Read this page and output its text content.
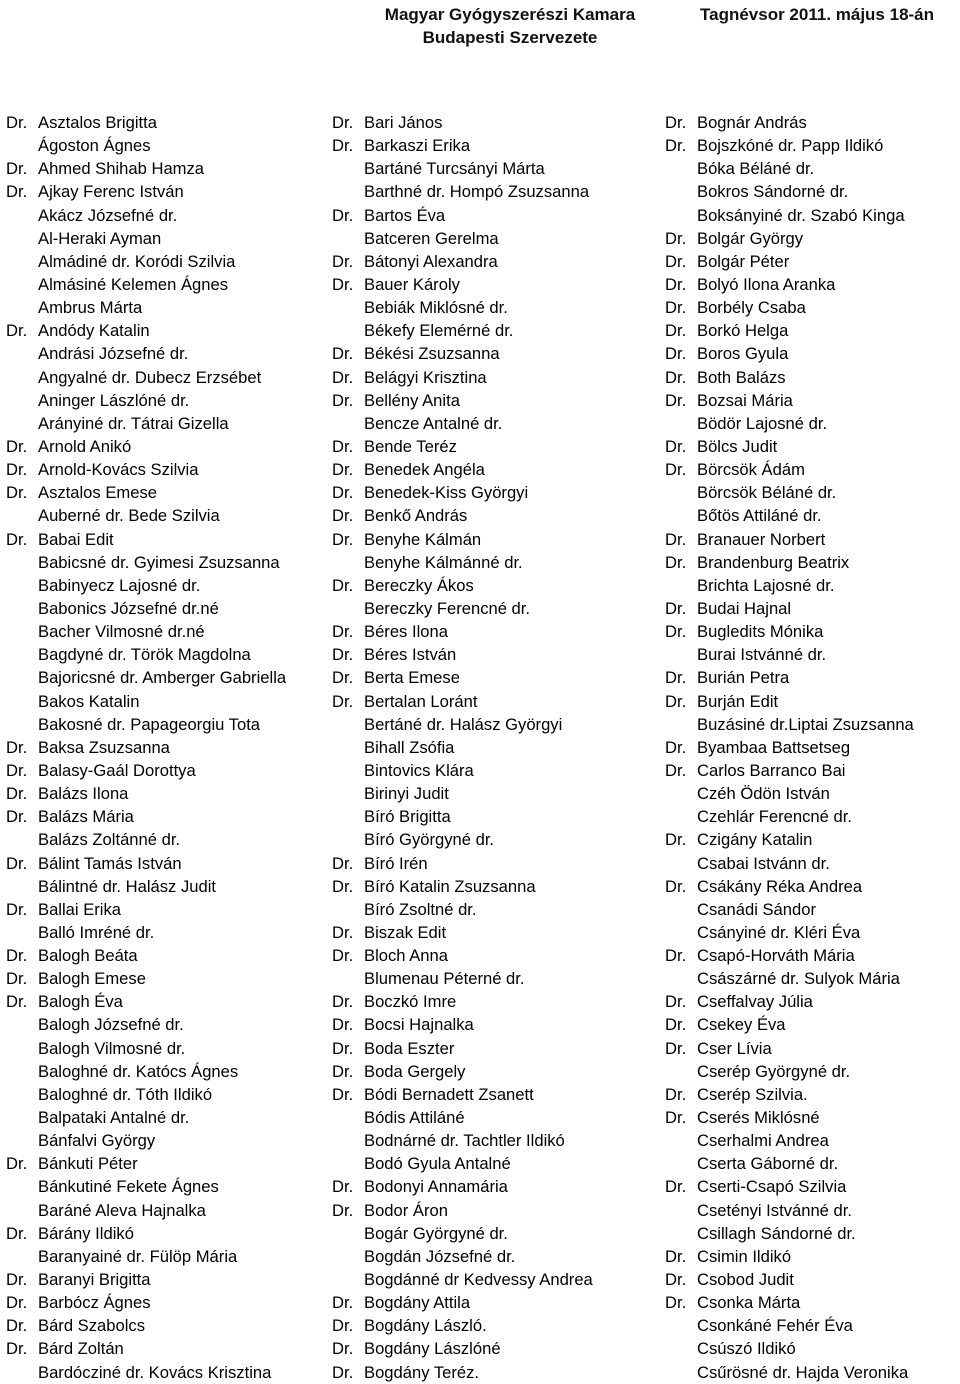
Magyar Gyógyszerészi Kamara
Budapesti Szervezete
Tagnévsor 2011. május 18-án
Dr. Asztalos Brigitta
Ágoston Ágnes
Dr. Ahmed Shihab Hamza
Dr. Ajkay Ferenc István
Akácz Józsefné dr.
Al-Heraki Ayman
Almádiné dr. Koródi Szilvia
Almásiné Kelemen Ágnes
Ambrus Márta
Dr. Andódy Katalin
Andrási Józsefné dr.
Angyalné dr. Dubecz Erzsébet
Aninger Lászlóné dr.
Arányiné dr. Tátrai Gizella
Dr. Arnold Anikó
Dr. Arnold-Kovács Szilvia
Dr. Asztalos Emese
Auberné dr. Bede Szilvia
Dr. Babai Edit
Babicsné dr. Gyimesi Zsuzsanna
Babinyecz Lajosné dr.
Babonics Józsefné dr.né
Bacher Vilmosné dr.né
Bagdyné dr. Török Magdolna
Bajoricsné dr. Amberger Gabriella
Bakos Katalin
Bakosné dr. Papageorgiu Tota
Dr. Baksa Zsuzsanna
Dr. Balasy-Gaál Dorottya
Dr. Balázs Ilona
Dr. Balázs Mária
Balázs Zoltánné dr.
Dr. Bálint Tamás István
Bálintné dr. Halász Judit
Dr. Ballai Erika
Balló Imréné dr.
Dr. Balogh Beáta
Dr. Balogh Emese
Dr. Balogh Éva
Balogh Józsefné dr.
Balogh Vilmosné dr.
Baloghné dr. Katócs Ágnes
Baloghné dr. Tóth Ildikó
Balpataki Antalné dr.
Bánfalvi György
Dr. Bánkuti Péter
Bánkutiné Fekete Ágnes
Baráné Aleva Hajnalka
Dr. Bárány Ildikó
Baranyainé dr. Fülöp Mária
Dr. Baranyi Brigitta
Dr. Barbócz Ágnes
Dr. Bárd Szabolcs
Dr. Bárd Zoltán
Bardócziné dr. Kovács Krisztina
Dr. Bari János
Dr. Barkaszi Erika
Bartáné Turcsányi Márta
Barthné dr. Hompó Zsuzsanna
Dr. Bartos Éva
Batceren Gerelma
Dr. Bátonyi Alexandra
Dr. Bauer Károly
Bebiák Miklósné dr.
Békefy Elemérné dr.
Dr. Békési Zsuzsanna
Dr. Belágyi Krisztina
Dr. Bellény Anita
Bencze Antalné dr.
Dr. Bende Teréz
Dr. Benedek Angéla
Dr. Benedek-Kiss Györgyi
Dr. Benkő András
Dr. Benyhe Kálmán
Benyhe Kálmánné dr.
Dr. Bereczky Ákos
Bereczky Ferencné dr.
Dr. Béres Ilona
Dr. Béres István
Dr. Berta Emese
Dr. Bertalan Loránt
Bertáné dr. Halász Györgyi
Bihall Zsófia
Bintovics Klára
Birinyi Judit
Bíró Brigitta
Bíró Györgyné dr.
Dr. Bíró Irén
Dr. Bíró Katalin Zsuzsanna
Bíró Zsoltné dr.
Dr. Biszak Edit
Dr. Bloch Anna
Blumenau Péterné dr.
Dr. Boczkó Imre
Dr. Bocsi Hajnalka
Dr. Boda Eszter
Dr. Boda Gergely
Dr. Bódi Bernadett Zsanett
Bódis Attiláné
Bodnárné dr. Tachtler Ildikó
Bodó Gyula Antalné
Dr. Bodonyi Annamária
Dr. Bodor Áron
Bogár Györgyné dr.
Bogdán Józsefné dr.
Bogdánné dr Kedvessy Andrea
Dr. Bogdány Attila
Dr. Bogdány László.
Dr. Bogdány Lászlóné
Dr. Bogdány Teréz.
Dr. Bognár András
Dr. Bojszkóné dr. Papp Ildikó
Bóka Béláné dr.
Bokros Sándorné dr.
Boksányiné dr. Szabó Kinga
Dr. Bolgár György
Dr. Bolgár Péter
Dr. Bolyó Ilona Aranka
Dr. Borbély Csaba
Dr. Borkó Helga
Dr. Boros Gyula
Dr. Both Balázs
Dr. Bozsai Mária
Bödör Lajosné dr.
Dr. Bölcs Judit
Dr. Börcsök Ádám
Börcsök Béláné dr.
Bőtös Attiláné dr.
Dr. Branauer Norbert
Dr. Brandenburg Beatrix
Brichta Lajosné dr.
Dr. Budai Hajnal
Dr. Bugledits Mónika
Burai Istvánné dr.
Dr. Burián Petra
Dr. Burján Edit
Buzásiné dr.Liptai Zsuzsanna
Dr. Byambaa Battsetseg
Dr. Carlos Barranco Bai
Czéh Ödön István
Czehlár Ferencné dr.
Dr. Czigány Katalin
Csabai Istvánn dr.
Dr. Csákány Réka Andrea
Csanádi Sándor
Csányiné dr. Kléri Éva
Dr. Csapó-Horváth Mária
Császárné dr. Sulyok Mária
Dr. Cseffalvay Júlia
Dr. Csekey Éva
Dr. Cser Lívia
Cserép Györgyné dr.
Dr. Cserép Szilvia.
Dr. Cserés Miklósné
Cserhalmi Andrea
Cserta Gáborné dr.
Dr. Cserti-Csapó Szilvia
Csetényi Istvánné dr.
Csillagh Sándorné dr.
Dr. Csimin Ildikó
Dr. Csobod Judit
Dr. Csonka Márta
Csonkáné Fehér Éva
Csúszó Ildikó
Csűrösné dr. Hajda Veronika
